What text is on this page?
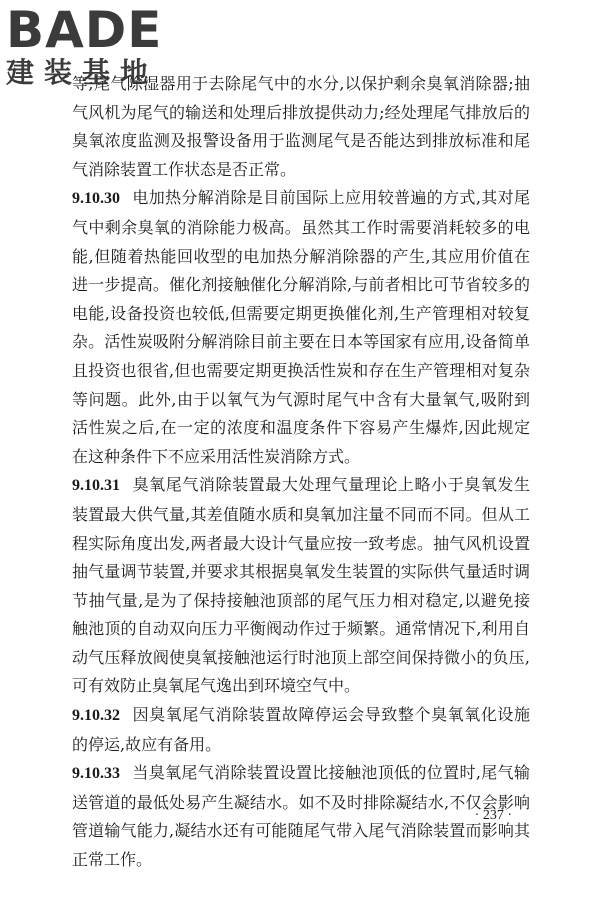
BADE
建装基地

等;尾气除湿器用于去除尾气中的水分,以保护剩余臭氧消除器;抽气风机为尾气的输送和处理后排放提供动力;经处理尾气排放后的臭氧浓度监测及报警设备用于监测尾气是否能达到排放标准和尾气消除装置工作状态是否正常。

9.10.30 电加热分解消除是目前国际上应用较普遍的方式,其对尾气中剩余臭氧的消除能力极高。虽然其工作时需要消耗较多的电能,但随着热能回收型的电加热分解消除器的产生,其应用价值在进一步提高。催化剂接触催化分解消除,与前者相比可节省较多的电能,设备投资也较低,但需要定期更换催化剂,生产管理相对较复杂。活性炭吸附分解消除目前主要在日本等国家有应用,设备简单且投资也很省,但也需要定期更换活性炭和存在生产管理相对复杂等问题。此外,由于以氧气为气源时尾气中含有大量氧气,吸附到活性炭之后,在一定的浓度和温度条件下容易产生爆炸,因此规定在这种条件下不应采用活性炭消除方式。

9.10.31 臭氧尾气消除装置最大处理气量理论上略小于臭氧发生装置最大供气量,其差值随水质和臭氧加注量不同而不同。但从工程实际角度出发,两者最大设计气量应按一致考虑。抽气风机设置抽气量调节装置,并要求其根据臭氧发生装置的实际供气量适时调节抽气量,是为了保持接触池顶部的尾气压力相对稳定,以避免接触池顶的自动双向压力平衡阀动作过于频繁。通常情况下,利用自动气压释放阀使臭氧接触池运行时池顶上部空间保持微小的负压,可有效防止臭氧尾气逸出到环境空气中。

9.10.32 因臭氧尾气消除装置故障停运会导致整个臭氧氧化设施的停运,故应有备用。

9.10.33 当臭氧尾气消除装置设置比接触池顶低的位置时,尾气输送管道的最低处易产生凝结水。如不及时排除凝结水,不仅会影响管道输气能力,凝结水还有可能随尾气带入尾气消除装置而影响其正常工作。

· 237 ·
